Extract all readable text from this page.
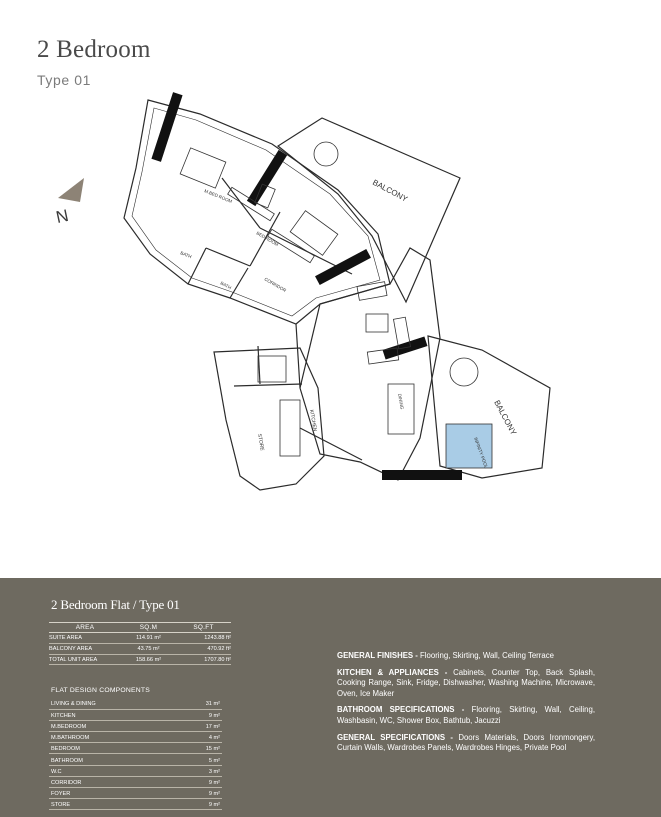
2 Bedroom
Type 01
N
BALCONY
BALCONY
M.BED ROOM
BED ROOM
BATH
BATH	CORRIDOR
DINING
KITCHEN
STORE	INFINITY POOL
2 Bedroom Flat / Type 01
AREA	SQ.M	SQ.FT
SUITE AREA	114.91 m²	1243.88 ft²
BALCONY AREA	43.75 m²	470.92 ft²
TOTAL UNIT AREA	158.66 m²	1707.80 ft²
FLAT DESIGN COMPONENTS
LIVING & DINING	31 m²
KITCHEN	9 m²
M.BEDROOM	17 m²
M.BATHROOM	4 m²
BEDROOM	15 m²
BATHROOM	5 m²
W.C	3 m²
CORRIDOR	9 m²
FOYER	9 m²
STORE	9 m²

GENERAL FINISHES - Flooring, Skirting, Wall, Ceiling Terrace

KITCHEN & APPLIANCES - Cabinets, Counter Top, Back Splash, Cooking Range, Sink, Fridge, Dishwasher, Washing Machine, Microwave, Oven, Ice Maker

BATHROOM SPECIFICATIONS - Flooring, Skirting, Wall, Ceiling, Washbasin, WC, Shower Box, Bathtub, Jacuzzi

GENERAL SPECIFICATIONS - Doors Materials, Doors Ironmongery, Curtain Walls, Wardrobes Panels, Wardrobes Hinges, Private Pool
